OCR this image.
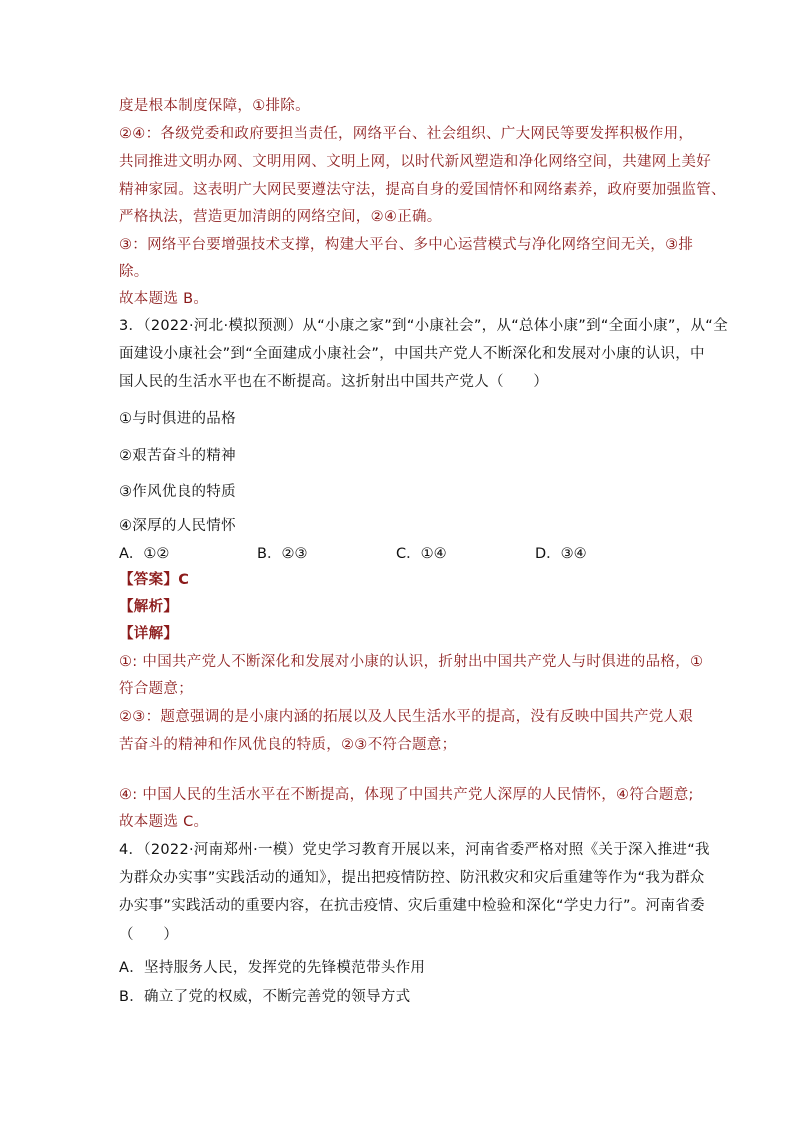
度是根本制度保障，①排除。
②④：各级党委和政府要担当责任，网络平台、社会组织、广大网民等要发挥积极作用，
共同推进文明办网、文明用网、文明上网，以时代新风塑造和净化网络空间，共建网上美好
精神家园。这表明广大网民要遵法守法，提高自身的爱国情怀和网络素养，政府要加强监管、
严格执法，营造更加清朗的网络空间，②④正确。
③：网络平台要增强技术支撑，构建大平台、多中心运营模式与净化网络空间无关，③排
除。
故本题选 B。
3．（2022·河北·模拟预测）从“小康之家”到“小康社会”，从“总体小康”到“全面小康”，从“全
面建设小康社会”到“全面建成小康社会”，中国共产党人不断深化和发展对小康的认识，中
国人民的生活水平也在不断提高。这折射出中国共产党人（　　）
①与时俱进的品格
②艰苦奋斗的精神
③作风优良的特质
④深厚的人民情怀
A．①②	B．②③	C．①④	D．③④
【答案】C
【解析】
【详解】
①: 中国共产党人不断深化和发展对小康的认识，折射出中国共产党人与时俱进的品格，①
符合题意；
②③：题意强调的是小康内涵的拓展以及人民生活水平的提高，没有反映中国共产党人艰
苦奋斗的精神和作风优良的特质，②③不符合题意；
④: 中国人民的生活水平在不断提高，体现了中国共产党人深厚的人民情怀，④符合题意;
故本题选 C。
4．（2022·河南郑州·一模）党史学习教育开展以来，河南省委严格对照《关于深入推进“我
为群众办实事”实践活动的通知》，提出把疫情防控、防汛救灾和灾后重建等作为“我为群众
办实事”实践活动的重要内容，在抗击疫情、灾后重建中检验和深化“学史力行”。河南省委
（　　）
A．坚持服务人民，发挥党的先锋模范带头作用
B．确立了党的权威，不断完善党的领导方式
